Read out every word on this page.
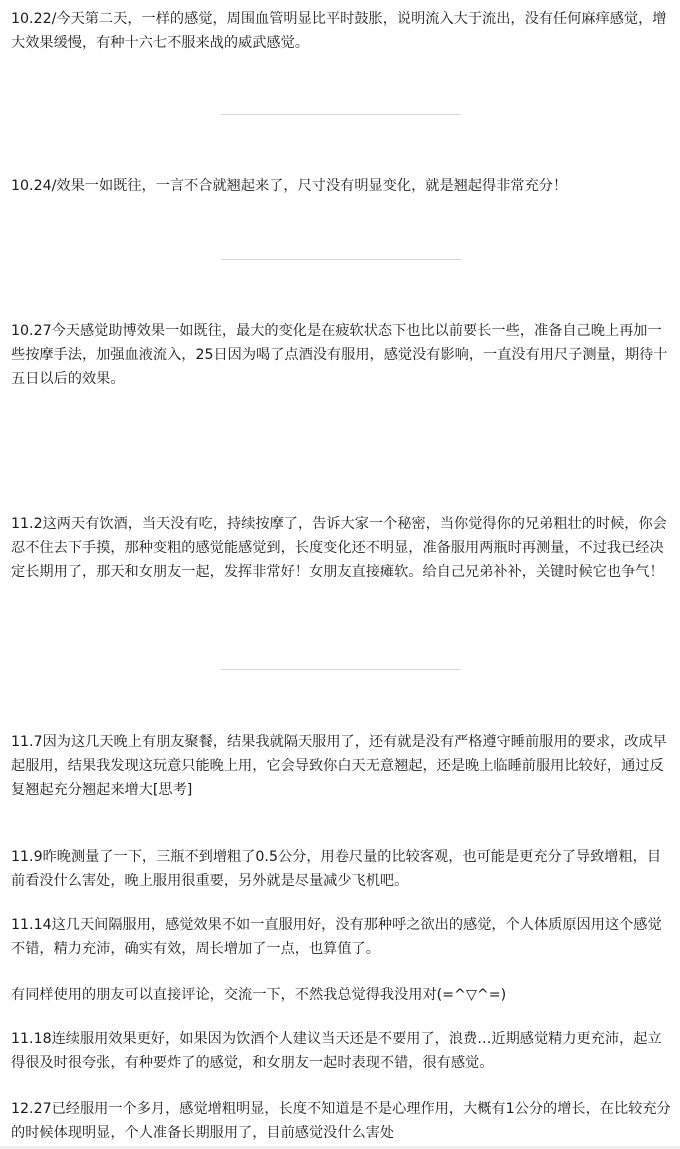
10.22/今天第二天，一样的感觉，周围血管明显比平时鼓胀，说明流入大于流出，没有任何麻痒感觉，增大效果缓慢，有种十六七不服来战的威武感觉。

10.24/效果一如既往，一言不合就翘起来了，尺寸没有明显变化，就是翘起得非常充分！

10.27今天感觉助博效果一如既往，最大的变化是在疲软状态下也比以前要长一些，准备自己晚上再加一些按摩手法，加强血液流入，25日因为喝了点酒没有服用，感觉没有影响，一直没有用尺子测量，期待十五日以后的效果。

11.2这两天有饮酒，当天没有吃，持续按摩了，告诉大家一个秘密，当你觉得你的兄弟粗壮的时候，你会忍不住去下手摸，那种变粗的感觉能感觉到，长度变化还不明显，准备服用两瓶时再测量，不过我已经决定长期用了，那天和女朋友一起，发挥非常好！女朋友直接瘫软。给自己兄弟补补，关键时候它也争气！

11.7因为这几天晚上有朋友聚餐，结果我就隔天服用了，还有就是没有严格遵守睡前服用的要求，改成早起服用，结果我发现这玩意只能晚上用，它会导致你白天无意翘起，还是晚上临睡前服用比较好，通过反复翘起充分翘起来增大[思考]

11.9昨晚测量了一下，三瓶不到增粗了0.5公分，用卷尺量的比较客观，也可能是更充分了导致增粗，目前看没什么害处，晚上服用很重要，另外就是尽量减少飞机吧。

11.14这几天间隔服用，感觉效果不如一直服用好，没有那种呼之欲出的感觉，个人体质原因用这个感觉不错，精力充沛，确实有效，周长增加了一点，也算值了。

有同样使用的朋友可以直接评论，交流一下，不然我总觉得我没用对(=^▽^=)

11.18连续服用效果更好，如果因为饮酒个人建议当天还是不要用了，浪费…近期感觉精力更充沛，起立得很及时很夸张，有种要炸了的感觉，和女朋友一起时表现不错，很有感觉。

12.27已经服用一个多月，感觉增粗明显，长度不知道是不是心理作用，大概有1公分的增长，在比较充分的时候体现明显，个人准备长期服用了，目前感觉没什么害处
